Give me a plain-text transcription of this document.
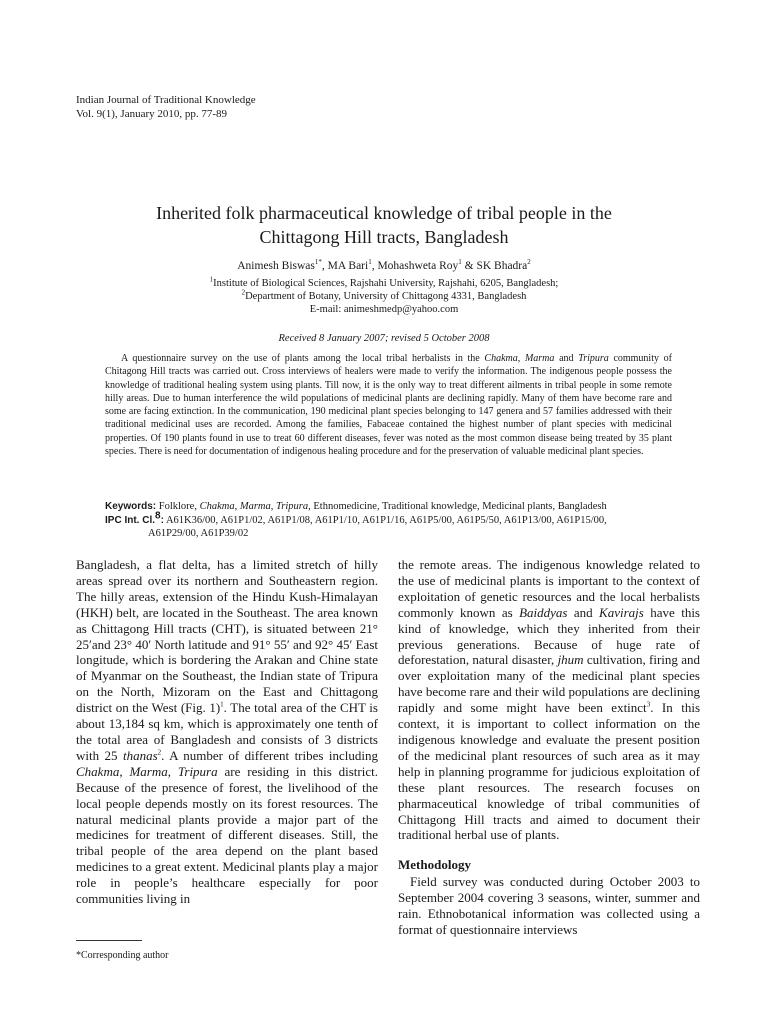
Indian Journal of Traditional Knowledge
Vol. 9(1), January 2010, pp. 77-89
Inherited folk pharmaceutical knowledge of tribal people in the
Chittagong Hill tracts, Bangladesh
Animesh Biswas$^{1*}$, MA Bari$^1$, Mohashweta Roy$^1$ & SK Bhadra$^2$
$^1$Institute of Biological Sciences, Rajshahi University, Rajshahi, 6205, Bangladesh;
$^2$Department of Botany, University of Chittagong 4331, Bangladesh
E-mail: animeshmedp@yahoo.com
Received 8 January 2007; revised 5 October 2008
A questionnaire survey on the use of plants among the local tribal herbalists in the Chakma, Marma and Tripura community of Chitagong Hill tracts was carried out. Cross interviews of healers were made to verify the information. The indigenous people possess the knowledge of traditional healing system using plants. Till now, it is the only way to treat different ailments in tribal people in some remote hilly areas. Due to human interference the wild populations of medicinal plants are declining rapidly. Many of them have become rare and some are facing extinction. In the communication, 190 medicinal plant species belonging to 147 genera and 57 families addressed with their traditional medicinal uses are recorded. Among the families, Fabaceae contained the highest number of plant species with medicinal properties. Of 190 plants found in use to treat 60 different diseases, fever was noted as the most common disease being treated by 35 plant species. There is need for documentation of indigenous healing procedure and for the preservation of valuable medicinal plant species.
Keywords: Folklore, Chakma, Marma, Tripura, Ethnomedicine, Traditional knowledge, Medicinal plants, Bangladesh
IPC Int. Cl.$^8$: A61K36/00, A61P1/02, A61P1/08, A61P1/10, A61P1/16, A61P5/00, A61P5/50, A61P13/00, A61P15/00,
A61P29/00, A61P39/02

Bangladesh, a flat delta, has a limited stretch of hilly areas spread over its northern and Southeastern region. The hilly areas, extension of the Hindu Kush-Himalayan (HKH) belt, are located in the Southeast. The area known as Chittagong Hill tracts (CHT), is situated between 21° 25′and 23° 40′ North latitude and 91° 55′ and 92° 45′ East longitude, which is bordering the Arakan and Chine state of Myanmar on the Southeast, the Indian state of Tripura on the North, Mizoram on the East and Chittagong district on the West (Fig. 1)$^1$. The total area of the CHT is about 13,184 sq km, which is approximately one tenth of the total area of Bangladesh and consists of 3 districts with 25 thanas$^2$. A number of different tribes including Chakma, Marma, Tripura are residing in this district. Because of the presence of forest, the livelihood of the local people depends mostly on its forest resources. The natural medicinal plants provide a major part of the medicines for treatment of different diseases. Still, the tribal people of the area depend on the plant based medicines to a great extent. Medicinal plants play a major role in people’s healthcare especially for poor communities living in

the remote areas. The indigenous knowledge related to the use of medicinal plants is important to the context of exploitation of genetic resources and the local herbalists commonly known as Baiddyas and Kavirajs have this kind of knowledge, which they inherited from their previous generations. Because of huge rate of deforestation, natural disaster, jhum cultivation, firing and over exploitation many of the medicinal plant species have become rare and their wild populations are declining rapidly and some might have been extinct$^3$. In this context, it is important to collect information on the indigenous knowledge and evaluate the present position of the medicinal plant resources of such area as it may help in planning programme for judicious exploitation of these plant resources. The research focuses on pharmaceutical knowledge of tribal communities of Chittagong Hill tracts and aimed to document their traditional herbal use of plants.

Methodology

Field survey was conducted during October 2003 to September 2004 covering 3 seasons, winter, summer and rain. Ethnobotanical information was collected using a format of questionnaire interviews

*Corresponding author
